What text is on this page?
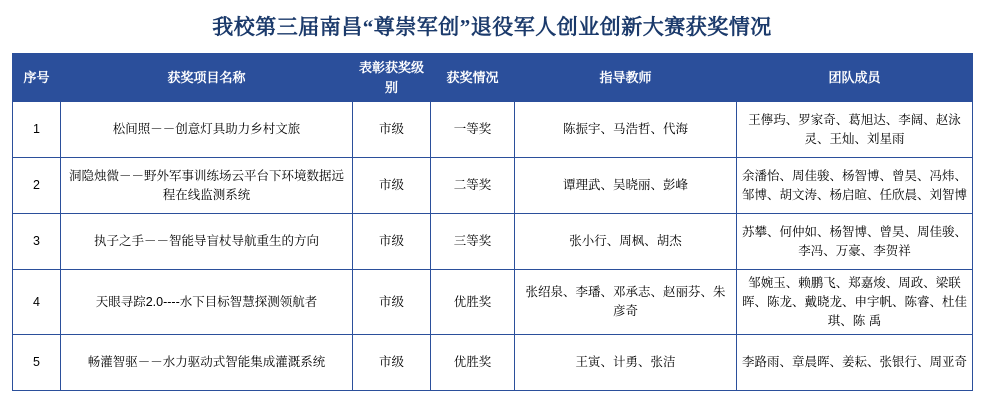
我校第三届南昌“尊崇军创”退役军人创业创新大赛获奖情况
序号	获奖项目名称	表彰获奖级别	获奖情况	指导教师	团队成员
1	松间照－－创意灯具助力乡村文旅	市级	一等奖	陈振宇、马浩哲、代海	王儜玙、罗家奇、葛旭达、李阔、赵泳灵、王灿、刘星雨
2	洞隐烛微－－野外军事训练场云平台下环境数据远程在线监测系统	市级	二等奖	谭理武、吴晓丽、彭峰	余潘怡、周佳骏、杨智博、曾昊、冯炜、邹博、胡文涛、杨启暄、任欣晨、刘智博
3	执子之手－－智能导盲杖导航重生的方向	市级	三等奖	张小行、周枫、胡杰	苏攀、何仲如、杨智博、曾昊、周佳骏、李冯、万豪、李贺祥
4	天眼寻踪2.0----水下目标智慧探测领航者	市级	优胜奖	张绍泉、李璠、邓承志、赵丽芬、朱彦奇	邹婉玉、赖鹏飞、郑嘉焌、周政、梁联晖、陈龙、戴晓龙、申宇帆、陈睿、杜佳琪、陈 禹
5	畅灌智驱－－水力驱动式智能集成灌溉系统	市级	优胜奖	王寅、计勇、张洁	李路雨、章晨晖、姜耘、张银行、周亚奇
